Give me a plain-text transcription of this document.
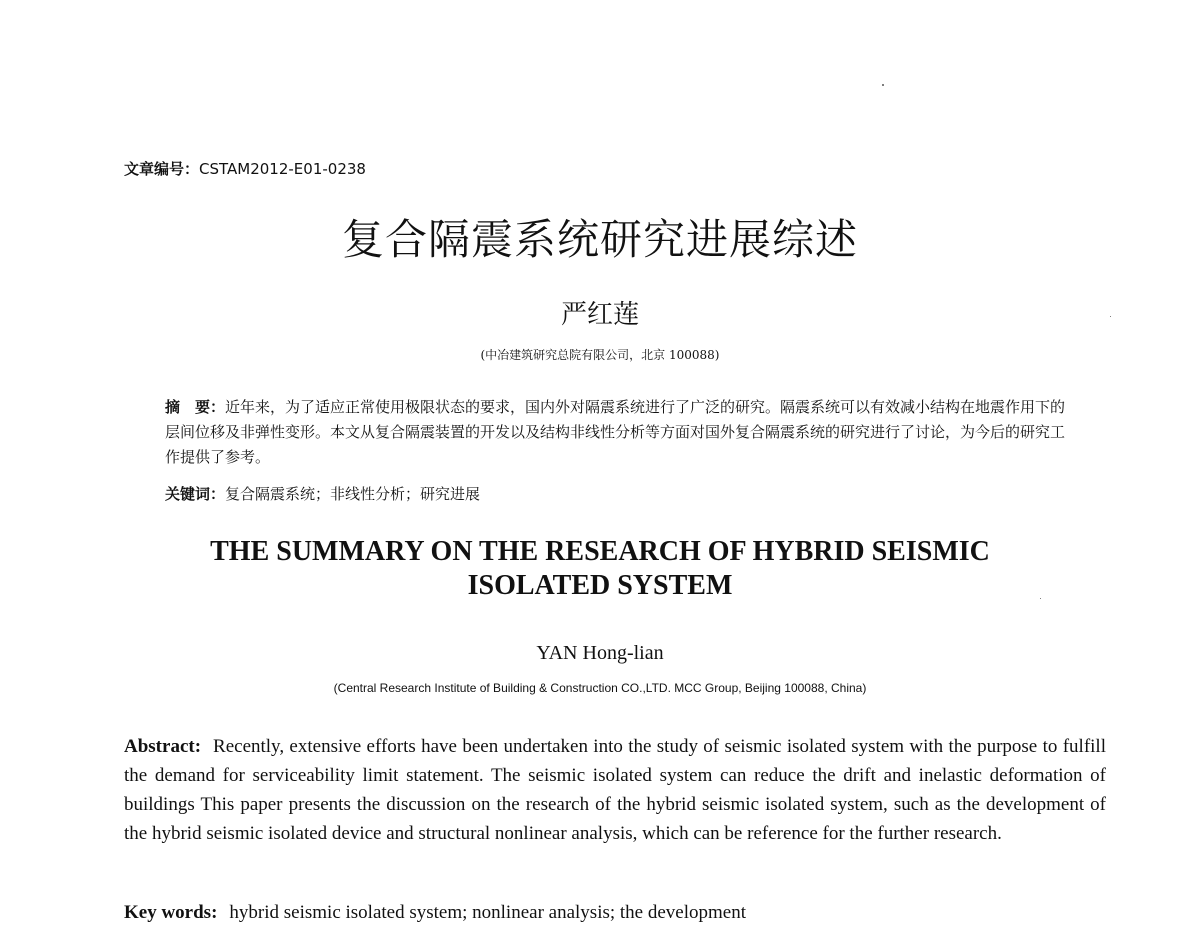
文章编号：CSTAM2012-E01-0238
复合隔震系统研究进展综述
严红莲
(中冶建筑研究总院有限公司，北京 100088)
摘　要：近年来，为了适应正常使用极限状态的要求，国内外对隔震系统进行了广泛的研究。隔震系统可以有效减小结构在地震作用下的层间位移及非弹性变形。本文从复合隔震装置的开发以及结构非线性分析等方面对国外复合隔震系统的研究进行了讨论，为今后的研究工作提供了参考。
关键词：复合隔震系统；非线性分析；研究进展
THE SUMMARY ON THE RESEARCH OF HYBRID SEISMIC
ISOLATED SYSTEM
YAN Hong-lian
(Central Research Institute of Building & Construction CO.,LTD. MCC Group, Beijing 100088, China)
Abstract: Recently, extensive efforts have been undertaken into the study of seismic isolated system with the purpose to fulfill the demand for serviceability limit statement. The seismic isolated system can reduce the drift and inelastic deformation of buildings This paper presents the discussion on the research of the hybrid seismic isolated system, such as the development of the hybrid seismic isolated device and structural nonlinear analysis, which can be reference for the further research.
Key words: hybrid seismic isolated system; nonlinear analysis; the development
